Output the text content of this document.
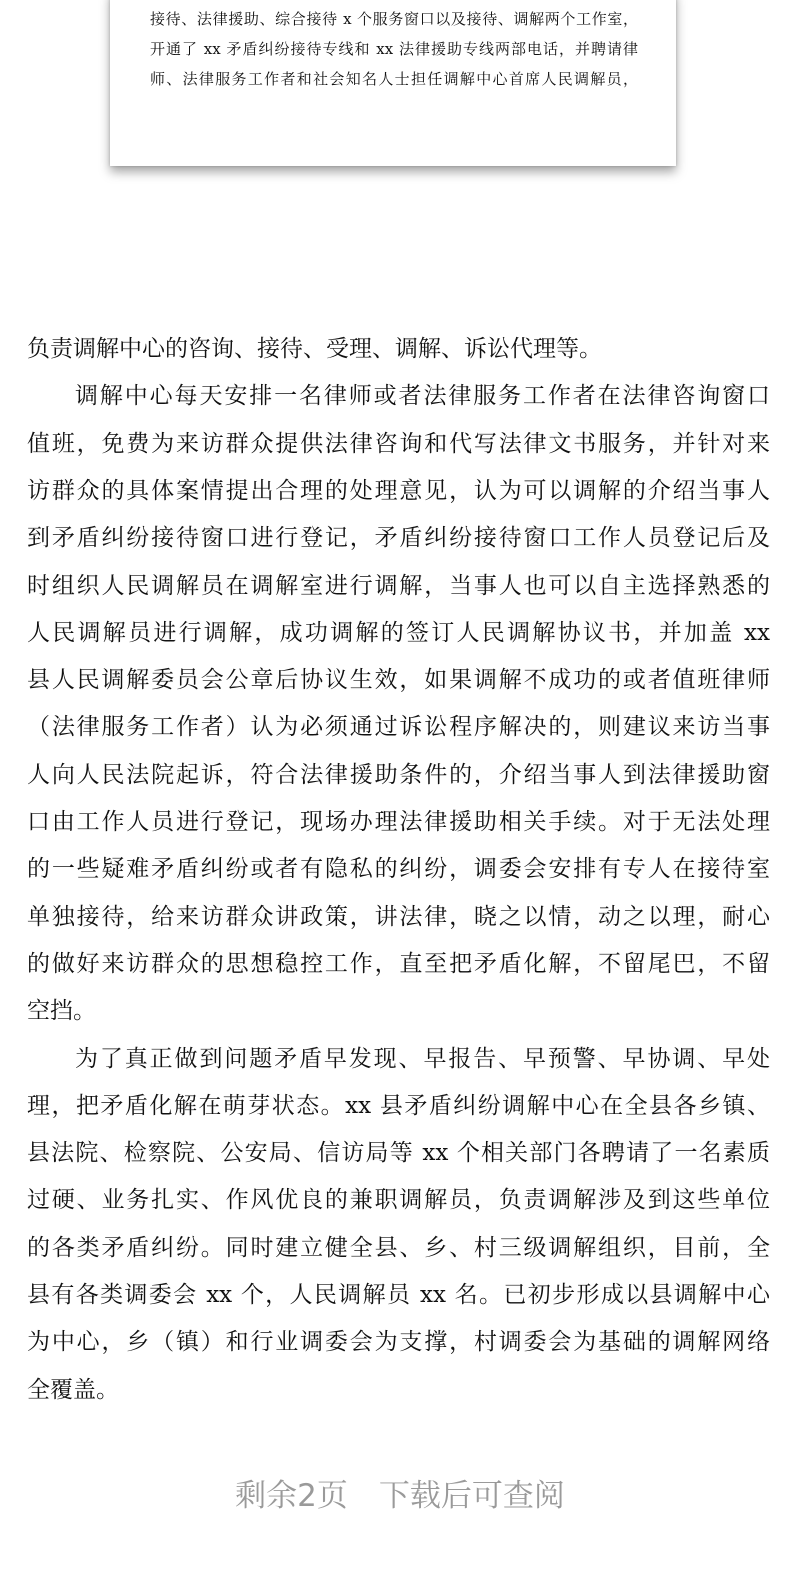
接待、法律援助、综合接待 x 个服务窗口以及接待、调解两个工作室，
开通了 xx 矛盾纠纷接待专线和 xx 法律援助专线两部电话，并聘请律
师、法律服务工作者和社会知名人士担任调解中心首席人民调解员，
负责调解中心的咨询、接待、受理、调解、诉讼代理等。
调解中心每天安排一名律师或者法律服务工作者在法律咨询窗口
值班，免费为来访群众提供法律咨询和代写法律文书服务，并针对来
访群众的具体案情提出合理的处理意见，认为可以调解的介绍当事人
到矛盾纠纷接待窗口进行登记，矛盾纠纷接待窗口工作人员登记后及
时组织人民调解员在调解室进行调解，当事人也可以自主选择熟悉的
人民调解员进行调解，成功调解的签订人民调解协议书，并加盖 xx
县人民调解委员会公章后协议生效，如果调解不成功的或者值班律师
（法律服务工作者）认为必须通过诉讼程序解决的，则建议来访当事
人向人民法院起诉，符合法律援助条件的，介绍当事人到法律援助窗
口由工作人员进行登记，现场办理法律援助相关手续。对于无法处理
的一些疑难矛盾纠纷或者有隐私的纠纷，调委会安排有专人在接待室
单独接待，给来访群众讲政策，讲法律，晓之以情，动之以理，耐心
的做好来访群众的思想稳控工作，直至把矛盾化解，不留尾巴，不留
空挡。
为了真正做到问题矛盾早发现、早报告、早预警、早协调、早处
理，把矛盾化解在萌芽状态。xx 县矛盾纠纷调解中心在全县各乡镇、
县法院、检察院、公安局、信访局等 xx 个相关部门各聘请了一名素质
过硬、业务扎实、作风优良的兼职调解员，负责调解涉及到这些单位
的各类矛盾纠纷。同时建立健全县、乡、村三级调解组织，目前，全
县有各类调委会 xx 个，人民调解员 xx 名。已初步形成以县调解中心
为中心，乡（镇）和行业调委会为支撑，村调委会为基础的调解网络
全覆盖。
剩余2页　下载后可查阅
